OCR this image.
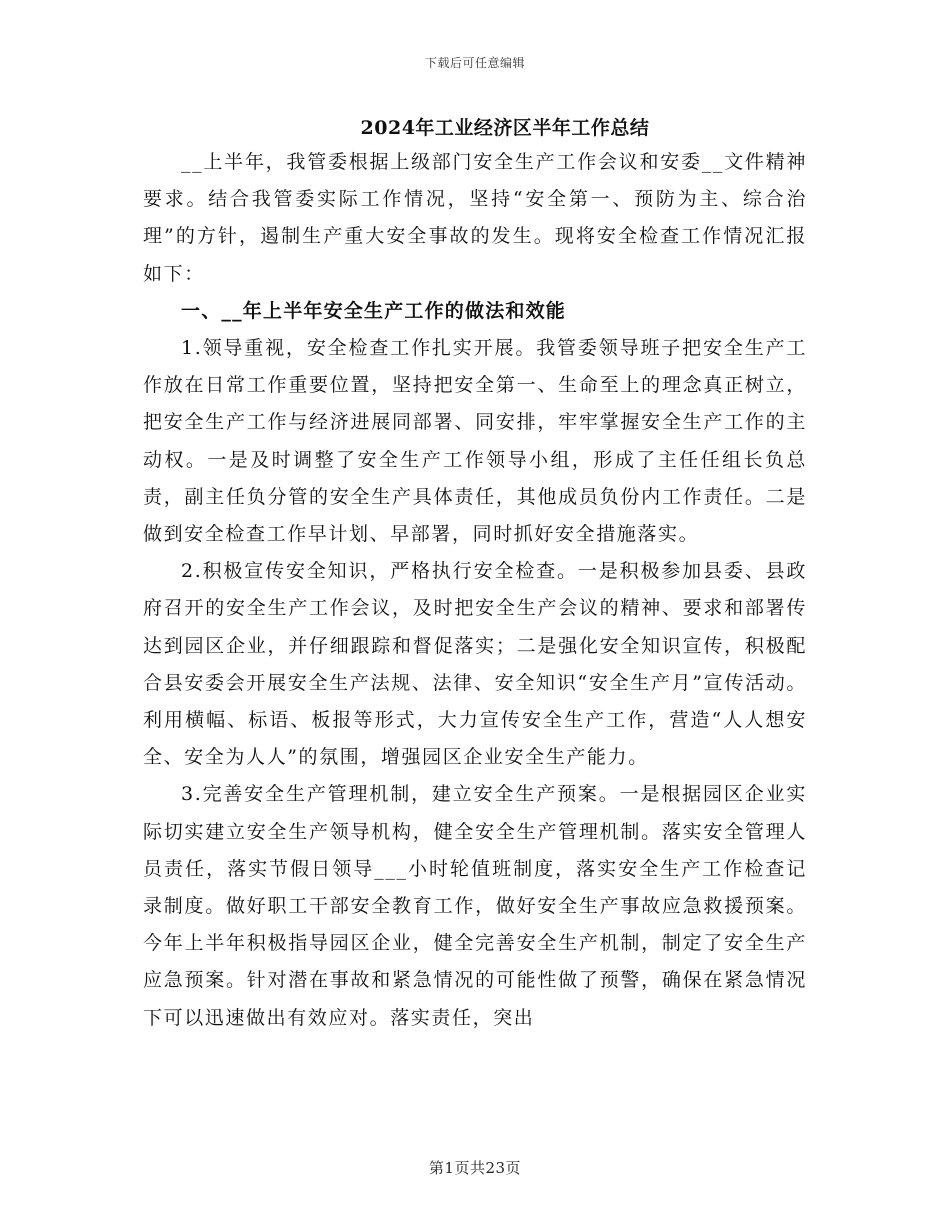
下载后可任意编辑
2024年工业经济区半年工作总结

__上半年，我管委根据上级部门安全生产工作会议和安委__文件精神要求。结合我管委实际工作情况，坚持“安全第一、预防为主、综合治理”的方针，遏制生产重大安全事故的发生。现将安全检查工作情况汇报如下：

一、__年上半年安全生产工作的做法和效能

1.领导重视，安全检查工作扎实开展。我管委领导班子把安全生产工作放在日常工作重要位置，坚持把安全第一、生命至上的理念真正树立，把安全生产工作与经济进展同部署、同安排，牢牢掌握安全生产工作的主动权。一是及时调整了安全生产工作领导小组，形成了主任任组长负总责，副主任负分管的安全生产具体责任，其他成员负份内工作责任。二是做到安全检查工作早计划、早部署，同时抓好安全措施落实。

2.积极宣传安全知识，严格执行安全检查。一是积极参加县委、县政府召开的安全生产工作会议，及时把安全生产会议的精神、要求和部署传达到园区企业，并仔细跟踪和督促落实；二是强化安全知识宣传，积极配合县安委会开展安全生产法规、法律、安全知识“安全生产月”宣传活动。利用横幅、标语、板报等形式，大力宣传安全生产工作，营造“人人想安全、安全为人人”的氛围，增强园区企业安全生产能力。

3.完善安全生产管理机制，建立安全生产预案。一是根据园区企业实际切实建立安全生产领导机构，健全安全生产管理机制。落实安全管理人员责任，落实节假日领导___小时轮值班制度，落实安全生产工作检查记录制度。做好职工干部安全教育工作，做好安全生产事故应急救援预案。今年上半年积极指导园区企业，健全完善安全生产机制，制定了安全生产应急预案。针对潜在事故和紧急情况的可能性做了预警，确保在紧急情况下可以迅速做出有效应对。落实责任，突出

第1页共23页
